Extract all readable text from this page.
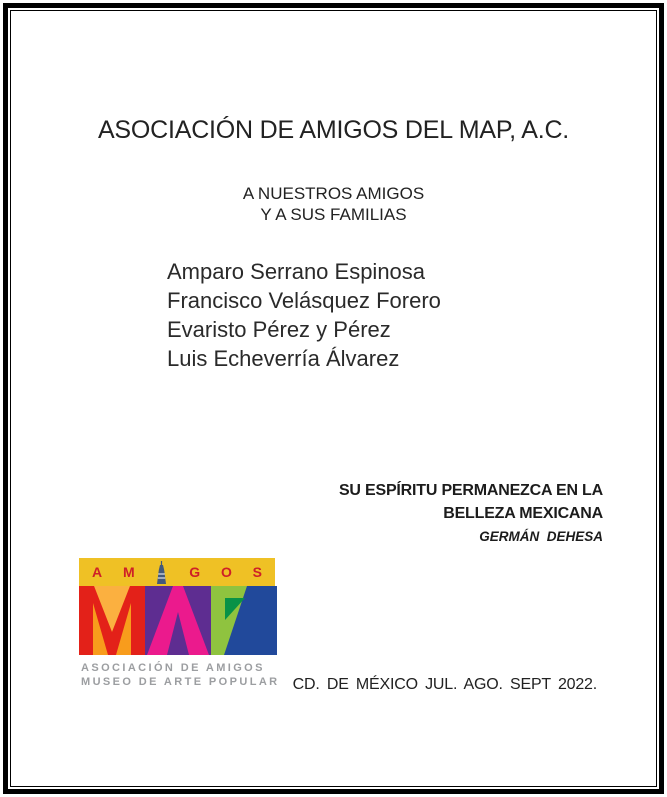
ASOCIACIÓN DE AMIGOS DEL MAP, A.C.
A NUESTROS AMIGOS
Y A SUS FAMILIAS
Amparo Serrano Espinosa
Francisco Velásquez Forero
Evaristo Pérez y Pérez
Luis Echeverría Álvarez
SU ESPÍRITU PERMANEZCA EN LA
BELLEZA MEXICANA
GERMÁN  DEHESA
A M	G O S
ASOCIACIÓN DE AMIGOS
MUSEO DE ARTE POPULAR CD. DE MÉXICO JUL. AGO. SEPT 2022.
